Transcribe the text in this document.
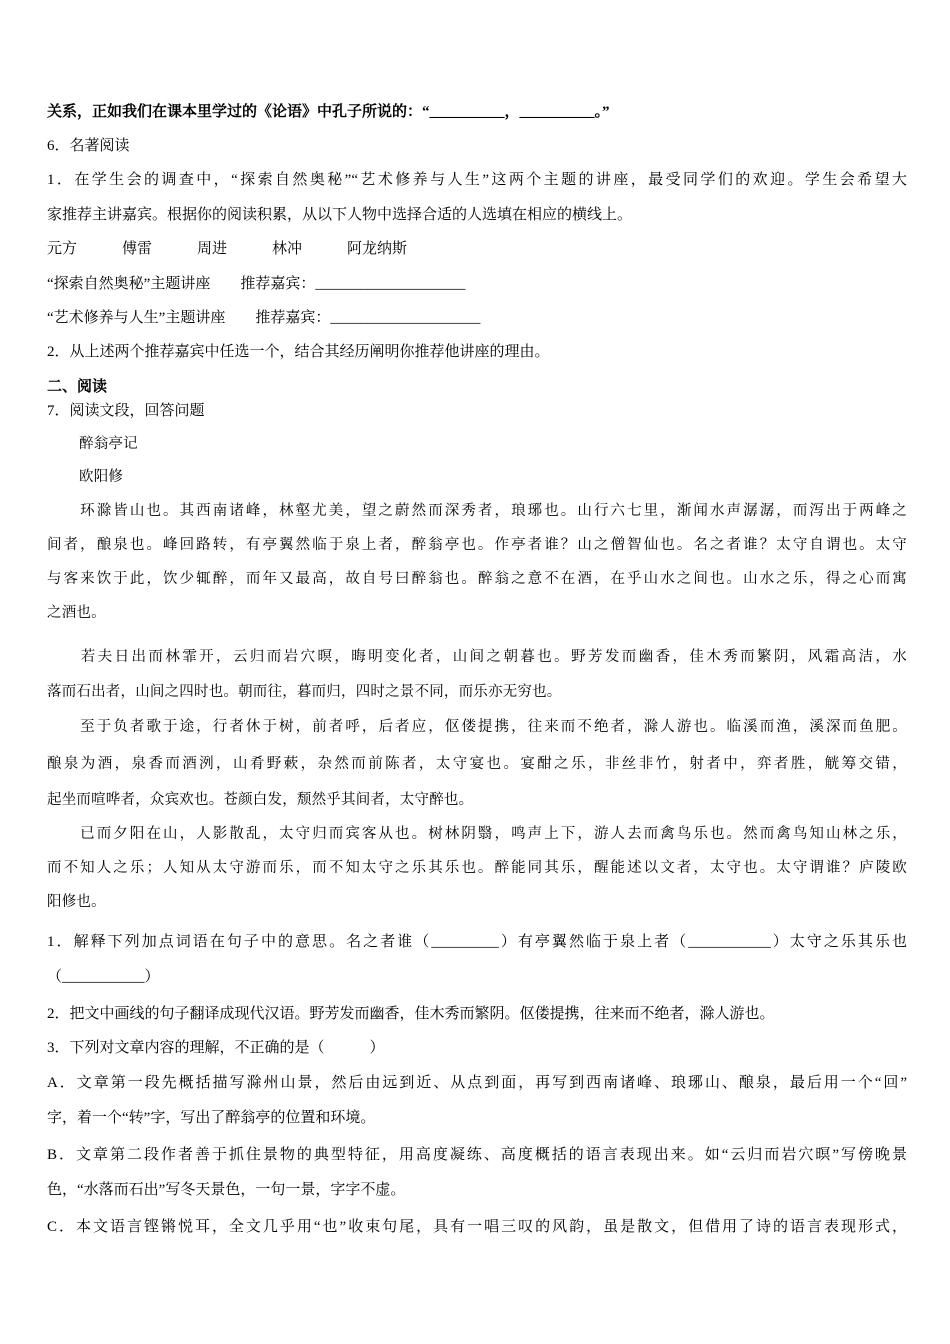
关系，正如我们在课本里学过的《论语》中孔子所说的：“__________，__________。”
6．名著阅读
1．在学生会的调查中，“探索自然奥秘”“艺术修养与人生”这两个主题的讲座，最受同学们的欢迎。学生会希望大
家推荐主讲嘉宾。根据你的阅读积累，从以下人物中选择合适的人选填在相应的横线上。
元方　　　傅雷　　　周进　　　林冲　　　阿龙纳斯
“探索自然奥秘”主题讲座　　推荐嘉宾：____________________
“艺术修养与人生”主题讲座　　推荐嘉宾：____________________
2．从上述两个推荐嘉宾中任选一个，结合其经历阐明你推荐他讲座的理由。
二、阅读
7．阅读文段，回答问题
醉翁亭记
欧阳修
　　环滁皆山也。其西南诸峰，林壑尤美，望之蔚然而深秀者，琅琊也。山行六七里，渐闻水声潺潺，而泻出于两峰之
间者，酿泉也。峰回路转，有亭翼然临于泉上者，醉翁亭也。作亭者谁？山之僧智仙也。名之者谁？太守自谓也。太守
与客来饮于此，饮少辄醉，而年又最高，故自号曰醉翁也。醉翁之意不在酒，在乎山水之间也。山水之乐，得之心而寓
之酒也。
　　若夫日出而林霏开，云归而岩穴暝，晦明变化者，山间之朝暮也。野芳发而幽香，佳木秀而繁阴，风霜高洁，水
落而石出者，山间之四时也。朝而往，暮而归，四时之景不同，而乐亦无穷也。
　　至于负者歌于途，行者休于树，前者呼，后者应，伛偻提携，往来而不绝者，滁人游也。临溪而渔，溪深而鱼肥。
酿泉为酒，泉香而酒洌，山肴野蔌，杂然而前陈者，太守宴也。宴酣之乐，非丝非竹，射者中，弈者胜，觥筹交错，
起坐而喧哗者，众宾欢也。苍颜白发，颓然乎其间者，太守醉也。
　　已而夕阳在山，人影散乱，太守归而宾客从也。树林阴翳，鸣声上下，游人去而禽鸟乐也。然而禽鸟知山林之乐，
而不知人之乐；人知从太守游而乐，而不知太守之乐其乐也。醉能同其乐，醒能述以文者，太守也。太守谓谁？庐陵欧
阳修也。
1．解释下列加点词语在句子中的意思。名之者谁（_________）有亭翼然临于泉上者（___________）太守之乐其乐也
（___________）
2．把文中画线的句子翻译成现代汉语。野芳发而幽香，佳木秀而繁阴。伛偻提携，往来而不绝者，滁人游也。
3．下列对文章内容的理解，不正确的是（　　　）
A．文章第一段先概括描写滁州山景，然后由远到近、从点到面，再写到西南诸峰、琅琊山、酿泉，最后用一个“回”
字，着一个“转”字，写出了醉翁亭的位置和环境。
B．文章第二段作者善于抓住景物的典型特征，用高度凝练、高度概括的语言表现出来。如“云归而岩穴暝”写傍晚景
色，“水落而石出”写冬天景色，一句一景，字字不虚。
C．本文语言铿锵悦耳，全文几乎用“也”收束句尾，具有一唱三叹的风韵，虽是散文，但借用了诗的语言表现形式，
